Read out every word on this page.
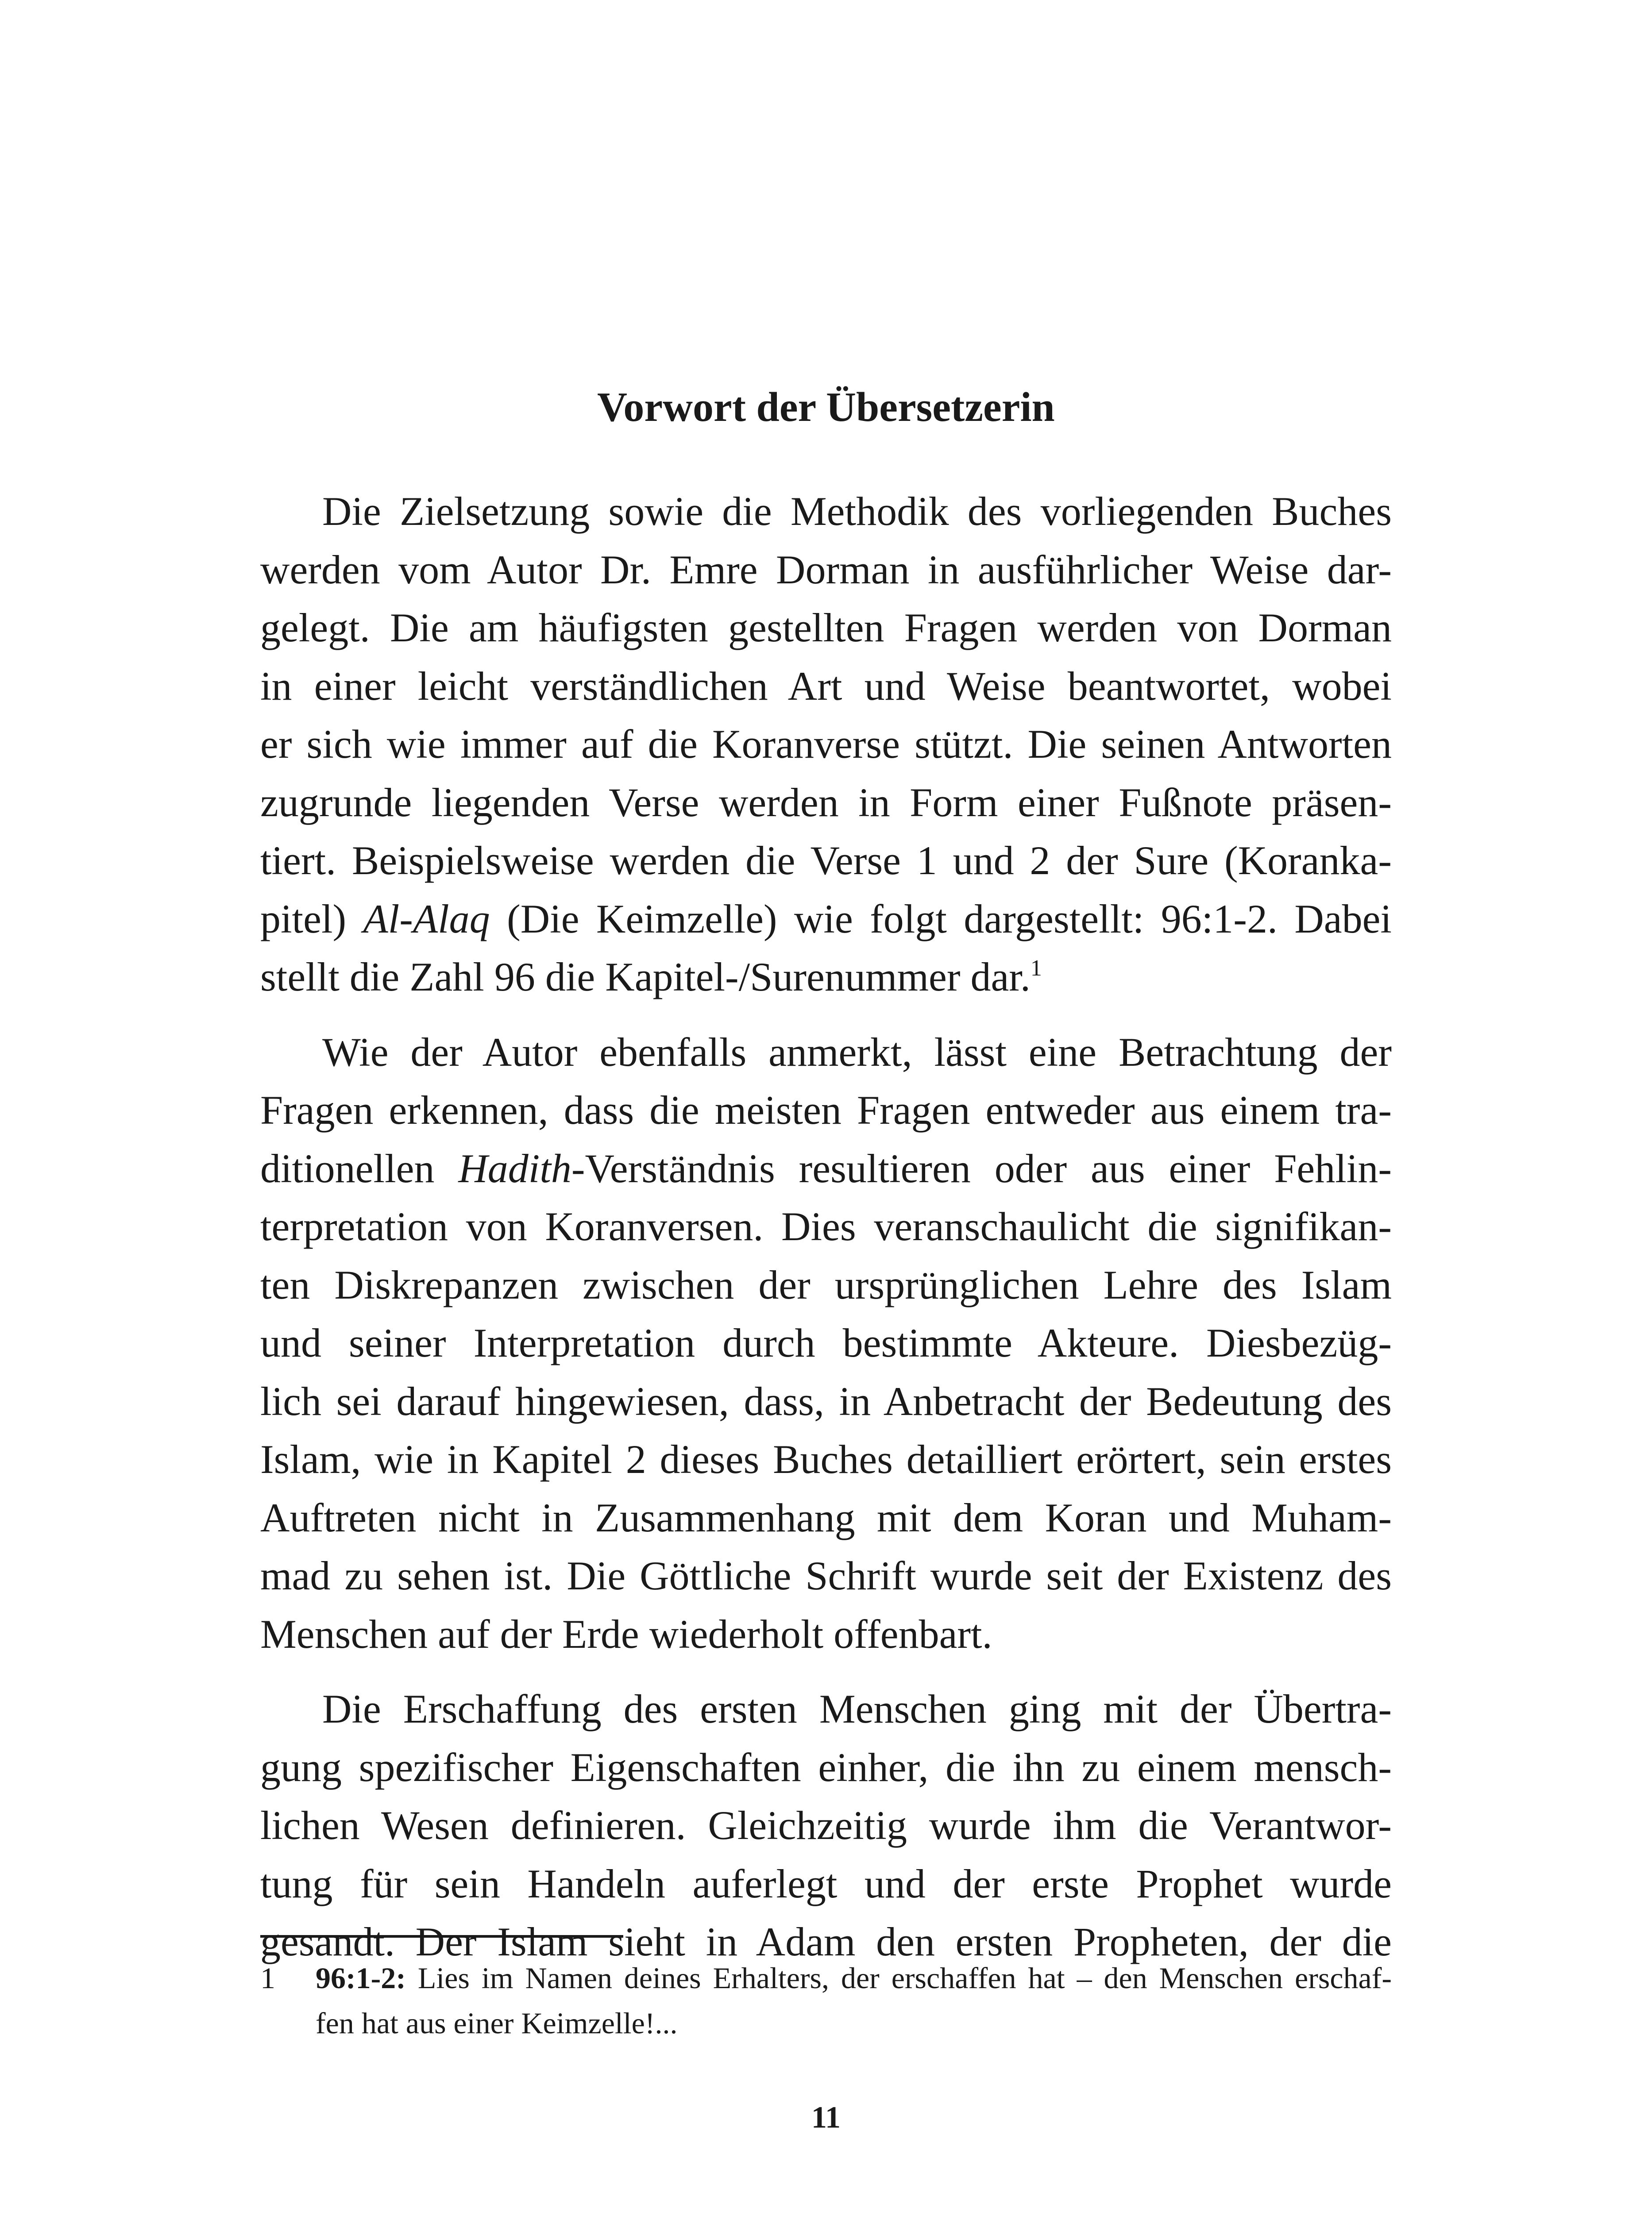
Vorwort der Übersetzerin

Die Zielsetzung sowie die Methodik des vorliegenden Buches
werden vom Autor Dr. Emre Dorman in ausführlicher Weise dar-
gelegt. Die am häufigsten gestellten Fragen werden von Dorman
in einer leicht verständlichen Art und Weise beantwortet, wobei
er sich wie immer auf die Koranverse stützt. Die seinen Antworten
zugrunde liegenden Verse werden in Form einer Fußnote präsen-
tiert. Beispielsweise werden die Verse 1 und 2 der Sure (Koranka-
pitel) Al-Alaq (Die Keimzelle) wie folgt dargestellt: 96:1-2. Dabei
stellt die Zahl 96 die Kapitel-/Surenummer dar.$^1$

Wie der Autor ebenfalls anmerkt, lässt eine Betrachtung der
Fragen erkennen, dass die meisten Fragen entweder aus einem tra-
ditionellen Hadith-Verständnis resultieren oder aus einer Fehlin-
terpretation von Koranversen. Dies veranschaulicht die signifikan-
ten Diskrepanzen zwischen der ursprünglichen Lehre des Islam
und seiner Interpretation durch bestimmte Akteure. Diesbezüg-
lich sei darauf hingewiesen, dass, in Anbetracht der Bedeutung des
Islam, wie in Kapitel 2 dieses Buches detailliert erörtert, sein erstes
Auftreten nicht in Zusammenhang mit dem Koran und Muham-
mad zu sehen ist. Die Göttliche Schrift wurde seit der Existenz des
Menschen auf der Erde wiederholt offenbart.

Die Erschaffung des ersten Menschen ging mit der Übertra-
gung spezifischer Eigenschaften einher, die ihn zu einem mensch-
lichen Wesen definieren. Gleichzeitig wurde ihm die Verantwor-
tung für sein Handeln auferlegt und der erste Prophet wurde
gesandt. Der Islam sieht in Adam den ersten Propheten, der die

1 96:1-2: Lies im Namen deines Erhalters, der erschaffen hat – den Menschen erschaf-
fen hat aus einer Keimzelle!...
11
